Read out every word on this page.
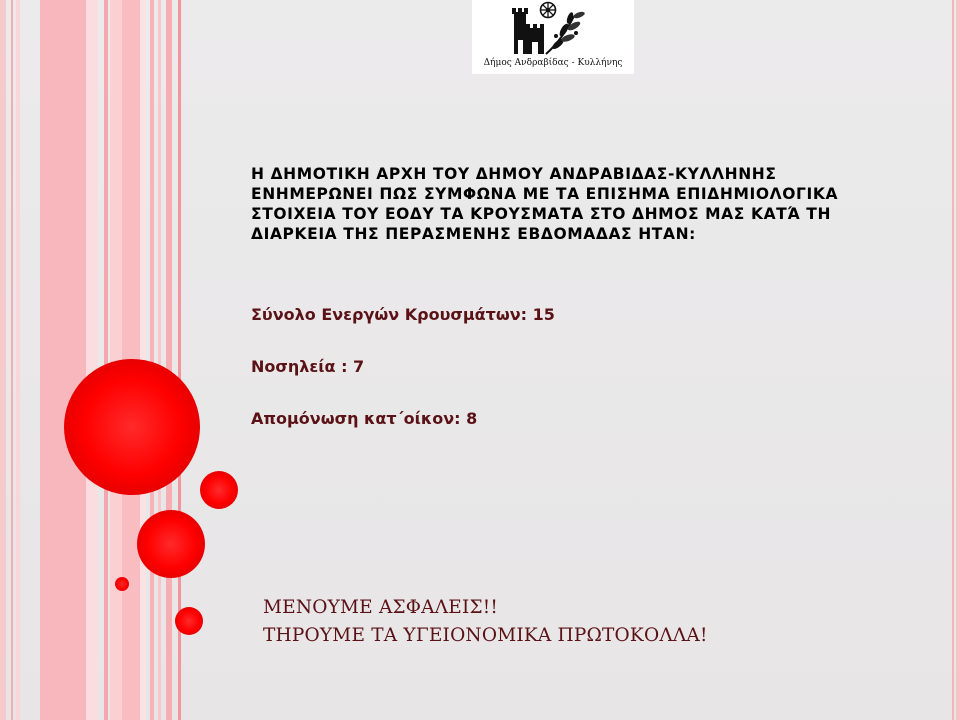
Δήμος Ανδραβίδας - Κυλλήνης

Η ΔΗΜΟΤΙΚΗ ΑΡΧΗ ΤΟΥ ΔΗΜΟΥ ΑΝΔΡΑΒΙΔΑΣ-ΚΥΛΛΗΝΗΣ
ΕΝΗΜΕΡΩΝΕΙ ΠΩΣ ΣΥΜΦΩΝΑ ΜΕ ΤΑ ΕΠΙΣΗΜΑ ΕΠΙΔΗΜΙΟΛΟΓΙΚΑ
ΣΤΟΙΧΕΙΑ ΤΟΥ ΕΟΔΥ ΤΑ ΚΡΟΥΣΜΑΤΑ ΣΤΟ ΔΗΜΟΣ ΜΑΣ ΚΑΤΆ ΤΗ
ΔΙΑΡΚΕΙΑ ΤΗΣ ΠΕΡΑΣΜΕΝΗΣ ΕΒΔΟΜΑΔΑΣ ΗΤΑΝ:

Σύνολο Ενεργών Κρουσμάτων: 15

Νοσηλεία : 7

Απομόνωση κατ΄οίκον: 8

ΜΕΝΟΥΜΕ ΑΣΦΑΛΕΙΣ!!

ΤΗΡΟΥΜΕ ΤΑ ΥΓΕΙΟΝΟΜΙΚΑ ΠΡΩΤΟΚΟΛΛΑ!
